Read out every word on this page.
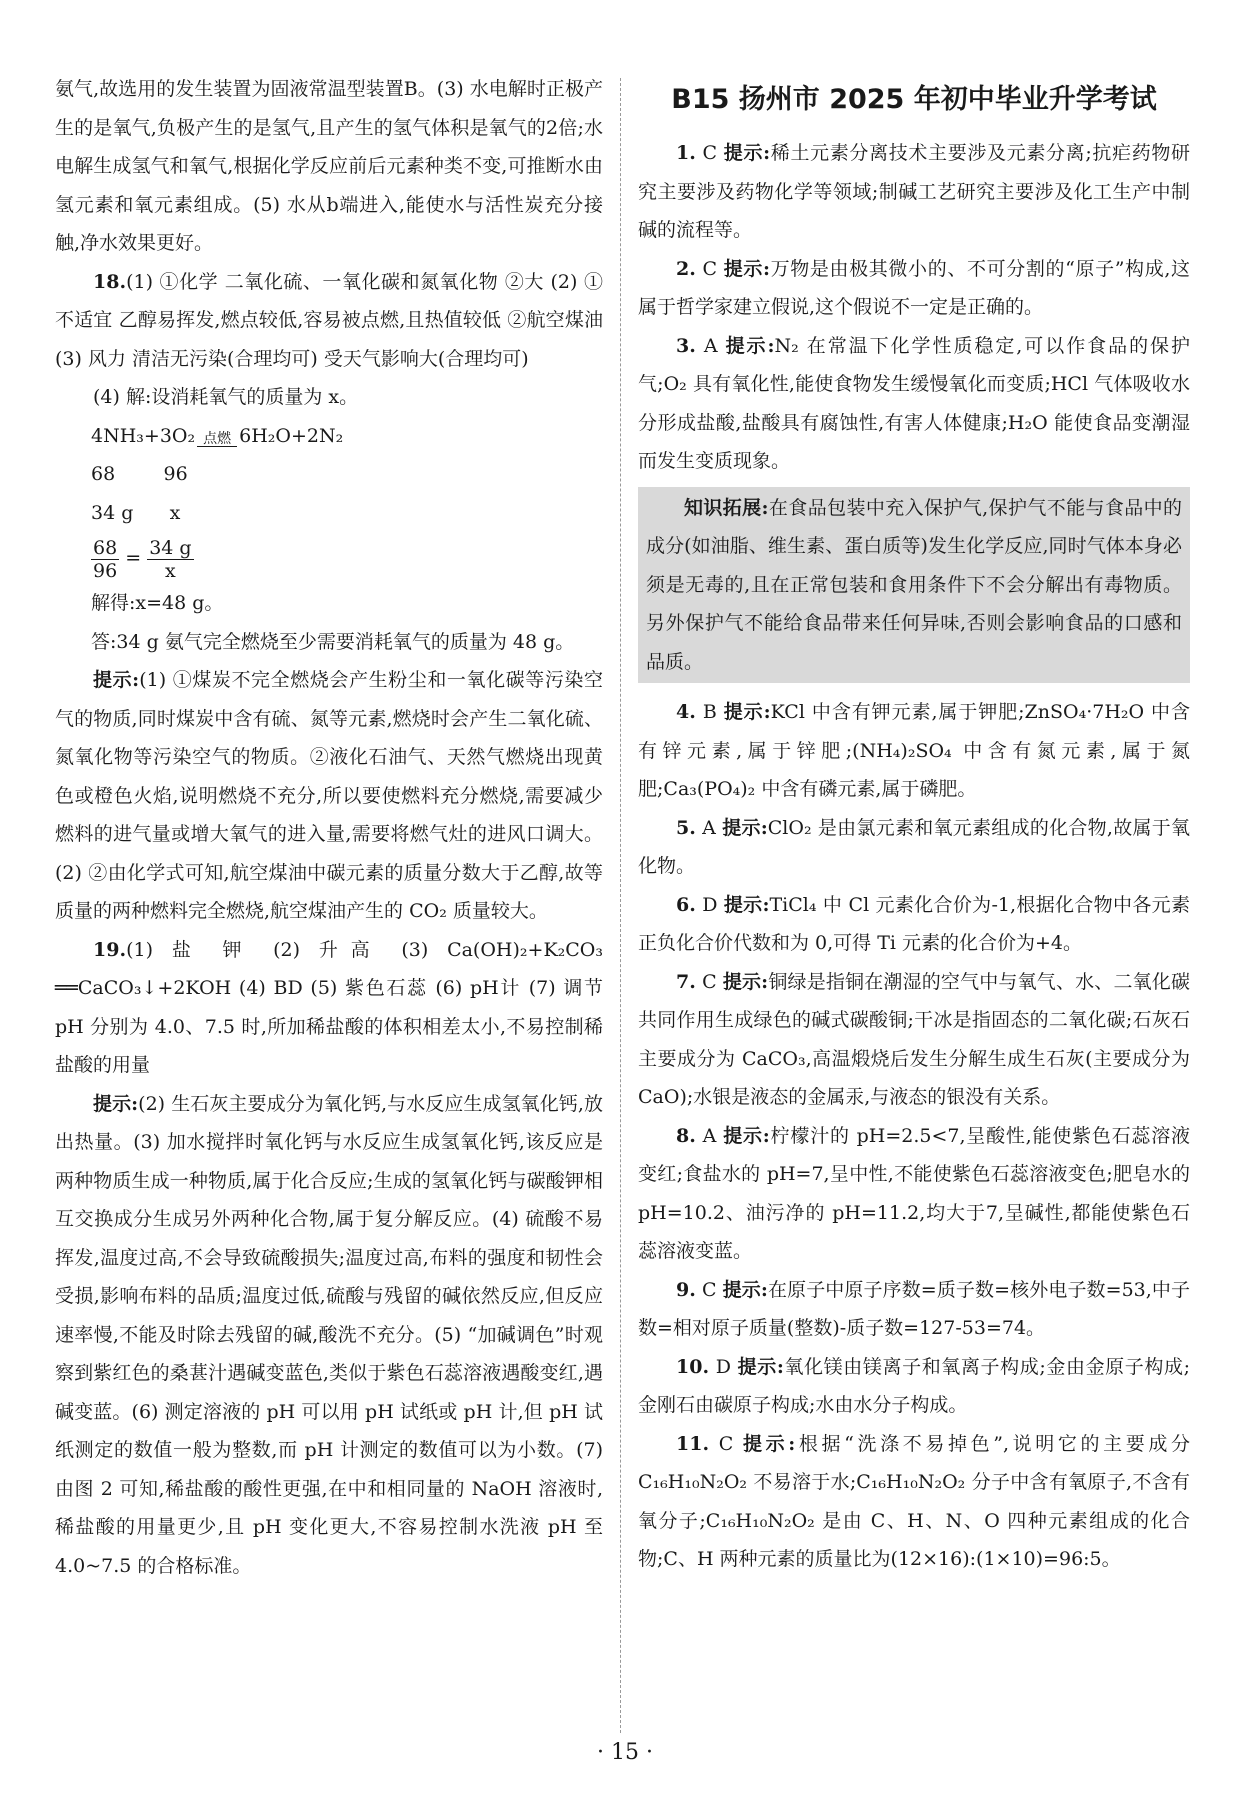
氨气,故选用的发生装置为固液常温型装置B。(3) 水电解时正极产生的是氧气,负极产生的是氢气,且产生的氢气体积是氧气的2倍;水电解生成氢气和氧气,根据化学反应前后元素种类不变,可推断水由氢元素和氧元素组成。(5) 水从b端进入,能使水与活性炭充分接触,净水效果更好。

18.(1) ①化学 二氧化硫、一氧化碳和氮氧化物 ②大 (2) ①不适宜 乙醇易挥发,燃点较低,容易被点燃,且热值较低 ②航空煤油 (3) 风力 清洁无污染(合理均可) 受天气影响大(合理均可)

(4) 解:设消耗氧气的质量为 x。

4NH₃+3O₂ 点燃 6H₂O+2N₂

68        96

34 g      x

$\frac{68}{96} = \frac{34 g}{x}$

解得:x=48 g。

答:34 g 氨气完全燃烧至少需要消耗氧气的质量为 48 g。

提示:(1) ①煤炭不完全燃烧会产生粉尘和一氧化碳等污染空气的物质,同时煤炭中含有硫、氮等元素,燃烧时会产生二氧化硫、氮氧化物等污染空气的物质。②液化石油气、天然气燃烧出现黄色或橙色火焰,说明燃烧不充分,所以要使燃料充分燃烧,需要减少燃料的进气量或增大氧气的进入量,需要将燃气灶的进风口调大。(2) ②由化学式可知,航空煤油中碳元素的质量分数大于乙醇,故等质量的两种燃料完全燃烧,航空煤油产生的 CO₂ 质量较大。

19.(1) 盐 钾 (2) 升高 (3) Ca(OH)₂+K₂CO₃ ══CaCO₃↓+2KOH (4) BD (5) 紫色石蕊 (6) pH计 (7) 调节 pH 分别为 4.0、7.5 时,所加稀盐酸的体积相差太小,不易控制稀盐酸的用量

提示:(2) 生石灰主要成分为氧化钙,与水反应生成氢氧化钙,放出热量。(3) 加水搅拌时氧化钙与水反应生成氢氧化钙,该反应是两种物质生成一种物质,属于化合反应;生成的氢氧化钙与碳酸钾相互交换成分生成另外两种化合物,属于复分解反应。(4) 硫酸不易挥发,温度过高,不会导致硫酸损失;温度过高,布料的强度和韧性会受损,影响布料的品质;温度过低,硫酸与残留的碱依然反应,但反应速率慢,不能及时除去残留的碱,酸洗不充分。(5) “加碱调色”时观察到紫红色的桑葚汁遇碱变蓝色,类似于紫色石蕊溶液遇酸变红,遇碱变蓝。(6) 测定溶液的 pH 可以用 pH 试纸或 pH 计,但 pH 试纸测定的数值一般为整数,而 pH 计测定的数值可以为小数。(7) 由图 2 可知,稀盐酸的酸性更强,在中和相同量的 NaOH 溶液时,稀盐酸的用量更少,且 pH 变化更大,不容易控制水洗液 pH 至 4.0~7.5 的合格标准。

B15 扬州市 2025 年初中毕业升学考试

1. C 提示:稀土元素分离技术主要涉及元素分离;抗疟药物研究主要涉及药物化学等领域;制碱工艺研究主要涉及化工生产中制碱的流程等。

2. C 提示:万物是由极其微小的、不可分割的“原子”构成,这属于哲学家建立假说,这个假说不一定是正确的。

3. A 提示:N₂ 在常温下化学性质稳定,可以作食品的保护气;O₂ 具有氧化性,能使食物发生缓慢氧化而变质;HCl 气体吸收水分形成盐酸,盐酸具有腐蚀性,有害人体健康;H₂O 能使食品变潮湿而发生变质现象。

知识拓展:在食品包装中充入保护气,保护气不能与食品中的成分(如油脂、维生素、蛋白质等)发生化学反应,同时气体本身必须是无毒的,且在正常包装和食用条件下不会分解出有毒物质。另外保护气不能给食品带来任何异味,否则会影响食品的口感和品质。

4. B 提示:KCl 中含有钾元素,属于钾肥;ZnSO₄·7H₂O 中含有锌元素,属于锌肥;(NH₄)₂SO₄ 中含有氮元素,属于氮肥;Ca₃(PO₄)₂ 中含有磷元素,属于磷肥。

5. A 提示:ClO₂ 是由氯元素和氧元素组成的化合物,故属于氧化物。

6. D 提示:TiCl₄ 中 Cl 元素化合价为-1,根据化合物中各元素正负化合价代数和为 0,可得 Ti 元素的化合价为+4。

7. C 提示:铜绿是指铜在潮湿的空气中与氧气、水、二氧化碳共同作用生成绿色的碱式碳酸铜;干冰是指固态的二氧化碳;石灰石主要成分为 CaCO₃,高温煅烧后发生分解生成生石灰(主要成分为 CaO);水银是液态的金属汞,与液态的银没有关系。

8. A 提示:柠檬汁的 pH=2.5<7,呈酸性,能使紫色石蕊溶液变红;食盐水的 pH=7,呈中性,不能使紫色石蕊溶液变色;肥皂水的 pH=10.2、油污净的 pH=11.2,均大于7,呈碱性,都能使紫色石蕊溶液变蓝。

9. C 提示:在原子中原子序数=质子数=核外电子数=53,中子数=相对原子质量(整数)-质子数=127-53=74。

10. D 提示:氧化镁由镁离子和氧离子构成;金由金原子构成;金刚石由碳原子构成;水由水分子构成。

11. C 提示:根据“洗涤不易掉色”,说明它的主要成分 C₁₆H₁₀N₂O₂ 不易溶于水;C₁₆H₁₀N₂O₂ 分子中含有氧原子,不含有氧分子;C₁₆H₁₀N₂O₂ 是由 C、H、N、O 四种元素组成的化合物;C、H 两种元素的质量比为(12×16):(1×10)=96:5。

· 15 ·
